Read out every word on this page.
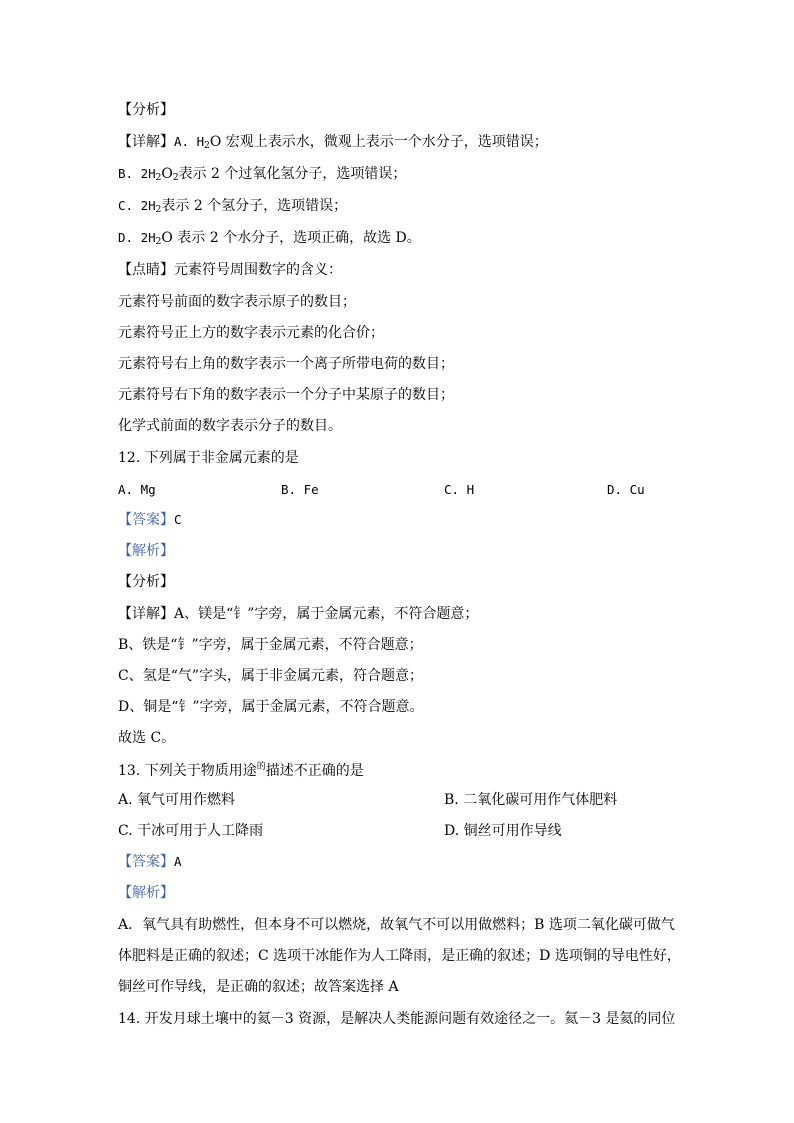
【分析】
【详解】A. $H_2O$ 宏观上表示水，微观上表示一个水分子，选项错误；
B. $2H_2O_2$表示 2 个过氧化氢分子，选项错误；
C. $2H_2$表示 2 个氢分子，选项错误；
D. $2H_2O$ 表示 2 个水分子，选项正确，故选 D。
【点睛】元素符号周围数字的含义：
元素符号前面的数字表示原子的数目；
元素符号正上方的数字表示元素的化合价；
元素符号右上角的数字表示一个离子所带电荷的数目；
元素符号右下角的数字表示一个分子中某原子的数目；
化学式前面的数字表示分子的数目。
12. 下列属于非金属元素的是
A. Mg	B. Fe	C. H	D. Cu
【答案】C
【解析】
【分析】
【详解】A、镁是“钅”字旁，属于金属元素，不符合题意；
B、铁是“钅”字旁，属于金属元素，不符合题意；
C、氢是“气”字头，属于非金属元素，符合题意；
D、铜是“钅”字旁，属于金属元素，不符合题意。
故选 C。
13. 下列关于物质用途$^的$描述不正确的是
A. 氧气可用作燃料	B. 二氧化碳可用作气体肥料
C. 干冰可用于人工降雨	D. 铜丝可用作导线
【答案】A
【解析】
A．氧气具有助燃性，但本身不可以燃烧，故氧气不可以用做燃料；B 选项二氧化碳可做气
体肥料是正确的叙述；C 选项干冰能作为人工降雨，是正确的叙述；D 选项铜的导电性好，
铜丝可作导线，是正确的叙述；故答案选择 A
14. 开发月球土壤中的氦－3 资源，是解决人类能源问题有效途径之一。氦－3 是氦的同位
